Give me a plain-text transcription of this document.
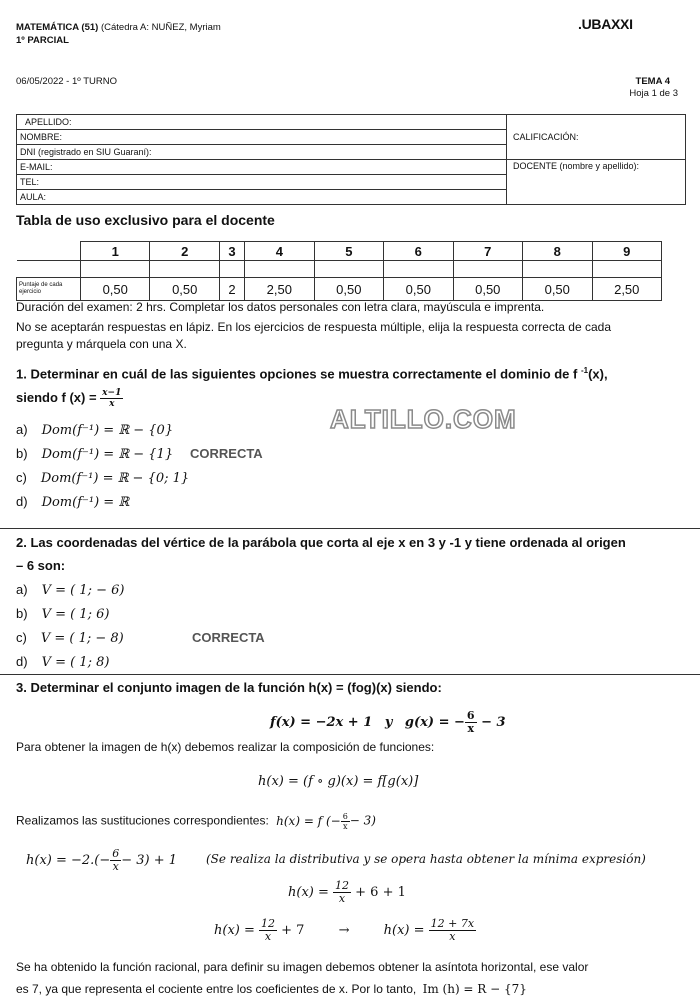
MATEMÁTICA (51) (Cátedra A: NUÑEZ, Myriam
1º PARCIAL
.UBAXXI
06/05/2022 - 1º TURNO	TEMA 4
Hoja 1 de 3
APELLIDO:	CALIFICACIÓN:
NOMBRE:	
DNI (registrado en SIU Guaraní):	
E-MAIL:	DOCENTE (nombre y apellido):
TEL:	
AULA:	
Tabla de uso exclusivo para el docente
	1	2	3	4	5	6	7	8	9

Puntaje de cada ejercicio	0,50	0,50	2	2,50	0,50	0,50	0,50	0,50	2,50
Duración del examen: 2 hrs. Completar los datos personales con letra clara, mayúscula e imprenta.
No se aceptarán respuestas en lápiz. En los ejercicios de respuesta múltiple, elija la respuesta correcta de cada
pregunta y márquela con una X.
1. Determinar en cuál de las siguientes opciones se muestra correctamente el dominio de f $^{-1}$(x),
siendo f $(x) = \frac{x-1}{x}$
ALTILLO.COM
a) Dom(f⁻¹) = ℝ − {0}
b) Dom(f⁻¹) = ℝ − {1} CORRECTA
c) Dom(f⁻¹) = ℝ − {0; 1}
d) Dom(f⁻¹) = ℝ
2. Las coordenadas del vértice de la parábola que corta al eje x en 3 y -1 y tiene ordenada al origen
– 6 son:
a) V = ( 1; − 6)
b) V = ( 1; 6)
c) V = ( 1; − 8)	CORRECTA
d) V = ( 1; 8)
3. Determinar el conjunto imagen de la función h(x) = (fog)(x) siendo:
f(x) = −2x + 1 y g(x) = − $\frac{6}{x} - 3$
Para obtener la imagen de h(x) debemos realizar la composición de funciones:
h(x) = (f ∘ g)(x) = f[g(x)]
Realizamos las sustituciones correspondientes: h(x) = f (− $\frac{6}{x} - 3$)
$h(x) = -2.(- \frac{6}{x} - 3) + 1$ (Se realiza la distributiva y se opera hasta obtener la mínima expresión)
$h(x) = \frac{12}{x} + 6 + 1$
$h(x) = \frac{12}{x} + 7$	→	$h(x) = \frac{12 + 7x}{x}$
Se ha obtenido la función racional, para definir su imagen debemos obtener la asíntota horizontal, ese valor
es 7, ya que representa el cociente entre los coeficientes de x. Por lo tanto, Im (h) = R − {7}
